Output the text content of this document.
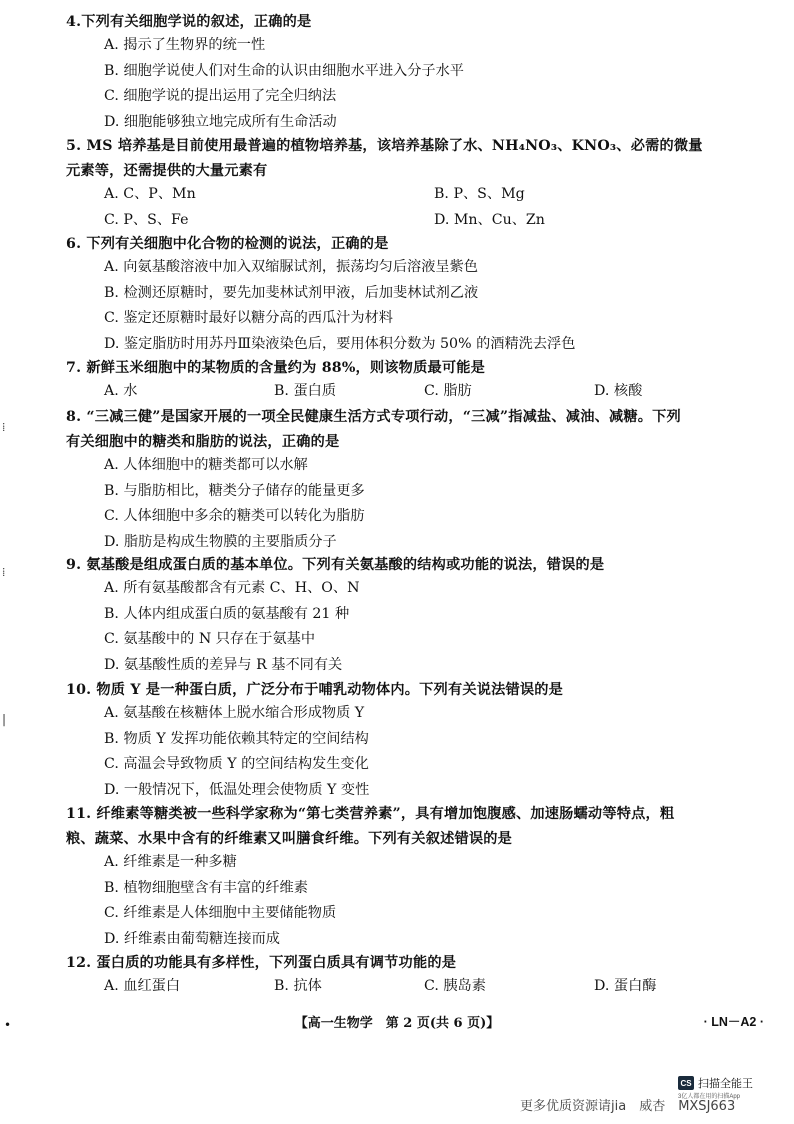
⁞
⁞
|
4.下列有关细胞学说的叙述，正确的是
A. 揭示了生物界的统一性
B. 细胞学说使人们对生命的认识由细胞水平进入分子水平
C. 细胞学说的提出运用了完全归纳法
D. 细胞能够独立地完成所有生命活动
5. MS 培养基是目前使用最普遍的植物培养基，该培养基除了水、NH₄NO₃、KNO₃、必需的微量
元素等，还需提供的大量元素有
A. C、P、Mn	B. P、S、Mg
C. P、S、Fe	D. Mn、Cu、Zn
6. 下列有关细胞中化合物的检测的说法，正确的是
A. 向氨基酸溶液中加入双缩脲试剂，振荡均匀后溶液呈紫色
B. 检测还原糖时，要先加斐林试剂甲液，后加斐林试剂乙液
C. 鉴定还原糖时最好以糖分高的西瓜汁为材料
D. 鉴定脂肪时用苏丹Ⅲ染液染色后，要用体积分数为 50% 的酒精洗去浮色
7. 新鲜玉米细胞中的某物质的含量约为 88%，则该物质最可能是
A. 水	B. 蛋白质	C. 脂肪	D. 核酸
8. “三减三健”是国家开展的一项全民健康生活方式专项行动，“三减”指减盐、减油、减糖。下列
有关细胞中的糖类和脂肪的说法，正确的是
A. 人体细胞中的糖类都可以水解
B. 与脂肪相比，糖类分子储存的能量更多
C. 人体细胞中多余的糖类可以转化为脂肪
D. 脂肪是构成生物膜的主要脂质分子
9. 氨基酸是组成蛋白质的基本单位。下列有关氨基酸的结构或功能的说法，错误的是
A. 所有氨基酸都含有元素 C、H、O、N
B. 人体内组成蛋白质的氨基酸有 21 种
C. 氨基酸中的 N 只存在于氨基中
D. 氨基酸性质的差异与 R 基不同有关
10. 物质 Y 是一种蛋白质，广泛分布于哺乳动物体内。下列有关说法错误的是
A. 氨基酸在核糖体上脱水缩合形成物质 Y
B. 物质 Y 发挥功能依赖其特定的空间结构
C. 高温会导致物质 Y 的空间结构发生变化
D. 一般情况下，低温处理会使物质 Y 变性
11. 纤维素等糖类被一些科学家称为“第七类营养素”，具有增加饱腹感、加速肠蠕动等特点，粗
粮、蔬菜、水果中含有的纤维素又叫膳食纤维。下列有关叙述错误的是
A. 纤维素是一种多糖
B. 植物细胞壁含有丰富的纤维素
C. 纤维素是人体细胞中主要储能物质
D. 纤维素由葡萄糖连接而成
12. 蛋白质的功能具有多样性，下列蛋白质具有调节功能的是
A. 血红蛋白	B. 抗体	C. 胰岛素	D. 蛋白酶
•	【高一生物学　第 2 页(共 6 页)】	· LN－A2 ·
CS 扫描全能王
3亿人都在用的扫描App
更多优质资源请jia　威杏　MXSJ663
